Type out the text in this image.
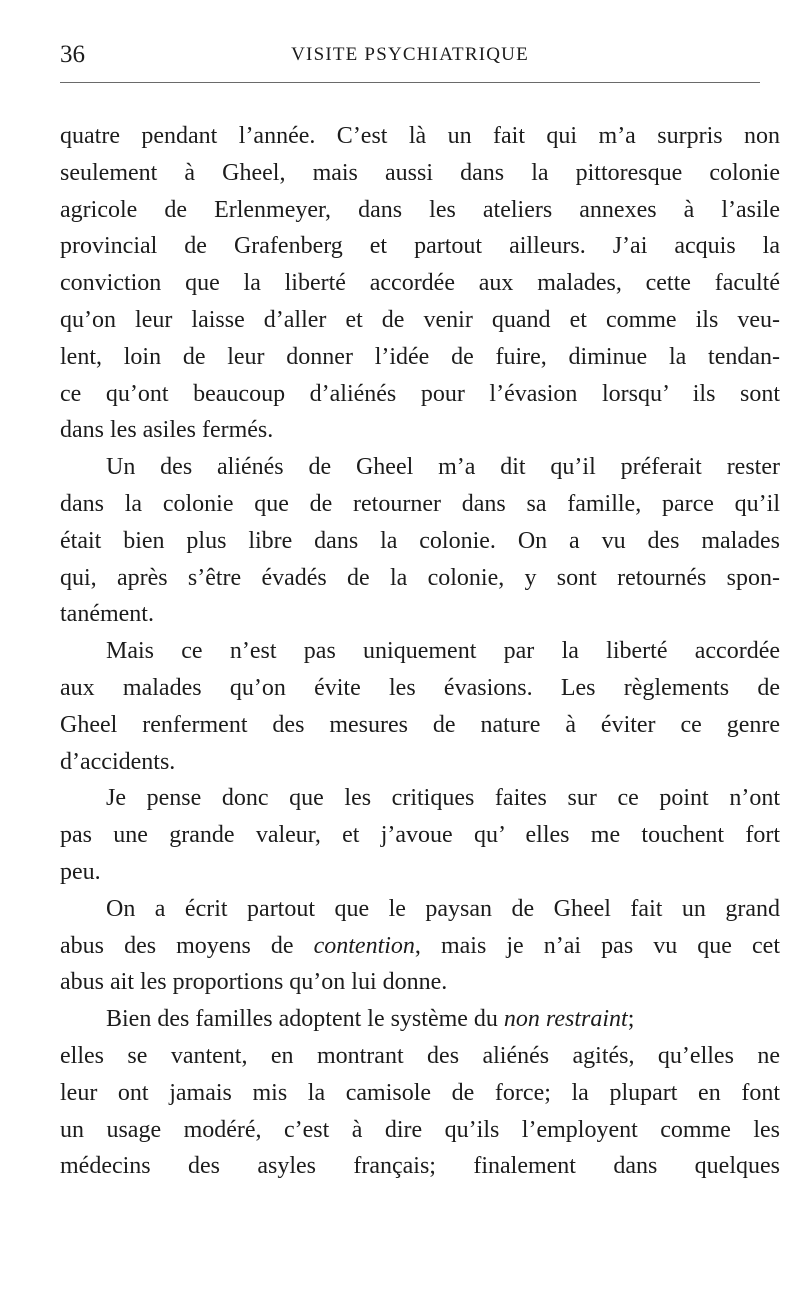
36	VISITE PSYCHIATRIQUE
quatre pendant l’année. C’est là un fait qui m’a surpris non
seulement à Gheel, mais aussi dans la pittoresque colonie
agricole de Erlenmeyer, dans les ateliers annexes à l’asile
provincial de Grafenberg et partout ailleurs. J’ai acquis la
conviction que la liberté accordée aux malades, cette faculté
qu’on leur laisse d’aller et de venir quand et comme ils veu-
lent, loin de leur donner l’idée de fuire, diminue la tendan-
ce qu’ont beaucoup d’aliénés pour l’évasion lorsqu’ ils sont
dans les asiles fermés.
Un des aliénés de Gheel m’a dit qu’il préferait rester
dans la colonie que de retourner dans sa famille, parce qu’il
était bien plus libre dans la colonie. On a vu des malades
qui, après s’être évadés de la colonie, y sont retournés spon-
tanément.
Mais ce n’est pas uniquement par la liberté accordée
aux malades qu’on évite les évasions. Les règlements de
Gheel renferment des mesures de nature à éviter ce genre
d’accidents.
Je pense donc que les critiques faites sur ce point n’ont
pas une grande valeur, et j’avoue qu’ elles me touchent fort
peu.
On a écrit partout que le paysan de Gheel fait un grand
abus des moyens de contention, mais je n’ai pas vu que cet
abus ait les proportions qu’on lui donne.
Bien des familles adoptent le système du non restraint;
elles se vantent, en montrant des aliénés agités, qu’elles ne
leur ont jamais mis la camisole de force; la plupart en font
un usage modéré, c’est à dire qu’ils l’employent comme les
médecins des asyles français; finalement dans quelques
